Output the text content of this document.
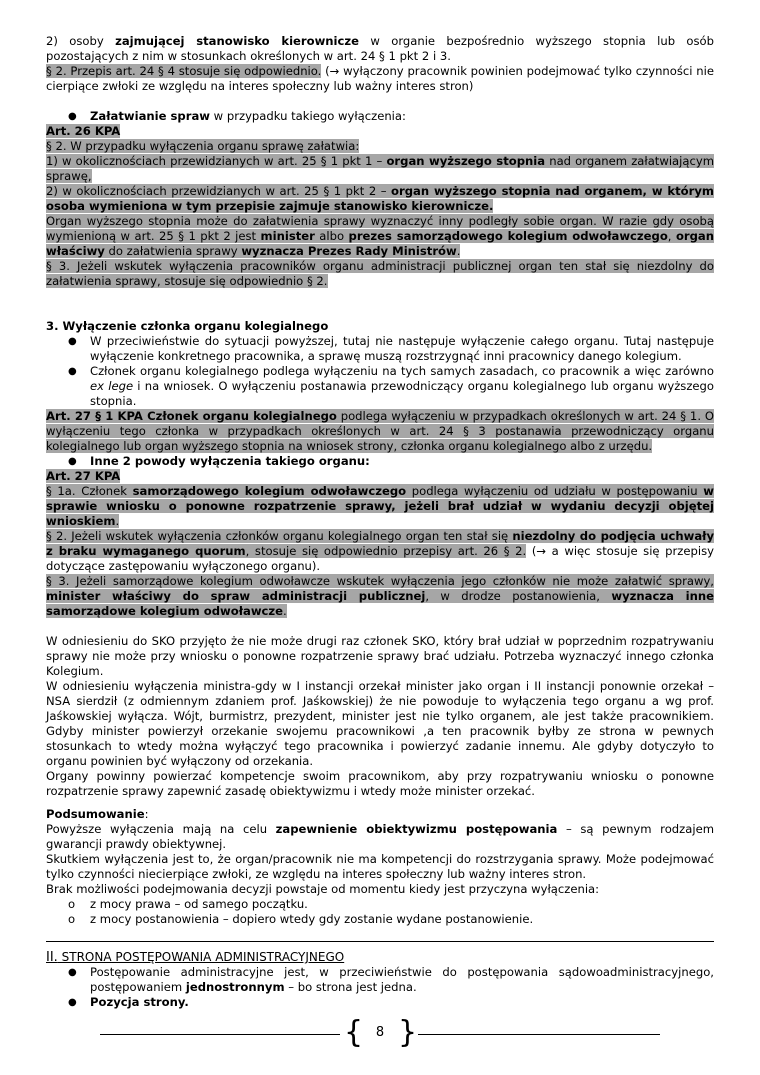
2) osoby zajmującej stanowisko kierownicze w organie bezpośrednio wyższego stopnia lub osób pozostających z nim w stosunkach określonych w art. 24 § 1 pkt 2 i 3.

§ 2. Przepis art. 24 § 4 stosuje się odpowiednio. (→ wyłączony pracownik powinien podejmować tylko czynności nie cierpiące zwłoki ze względu na interes społeczny lub ważny interes stron)

● Załatwianie spraw w przypadku takiego wyłączenia:

Art. 26 KPA

§ 2. W przypadku wyłączenia organu sprawę załatwia:

1) w okolicznościach przewidzianych w art. 25 § 1 pkt 1 – organ wyższego stopnia nad organem załatwiającym sprawę,

2) w okolicznościach przewidzianych w art. 25 § 1 pkt 2 – organ wyższego stopnia nad organem, w którym osoba wymieniona w tym przepisie zajmuje stanowisko kierownicze.

Organ wyższego stopnia może do załatwienia sprawy wyznaczyć inny podległy sobie organ. W razie gdy osobą wymienioną w art. 25 § 1 pkt 2 jest minister albo prezes samorządowego kolegium odwoławczego, organ właściwy do załatwienia sprawy wyznacza Prezes Rady Ministrów.

§ 3. Jeżeli wskutek wyłączenia pracowników organu administracji publicznej organ ten stał się niezdolny do załatwienia sprawy, stosuje się odpowiednio § 2.

3. Wyłączenie członka organu kolegialnego
● W przeciwieństwie do sytuacji powyższej, tutaj nie następuje wyłączenie całego organu. Tutaj następuje wyłączenie konkretnego pracownika, a sprawę muszą rozstrzygnąć inni pracownicy danego kolegium.
● Członek organu kolegialnego podlega wyłączeniu na tych samych zasadach, co pracownik a więc zarówno ex lege i na wniosek. O wyłączeniu postanawia przewodniczący organu kolegialnego lub organu wyższego stopnia.

Art. 27 § 1 KPA Członek organu kolegialnego podlega wyłączeniu w przypadkach określonych w art. 24 § 1. O wyłączeniu tego członka w przypadkach określonych w art. 24 § 3 postanawia przewodniczący organu kolegialnego lub organ wyższego stopnia na wniosek strony, członka organu kolegialnego albo z urzędu.

● Inne 2 powody wyłączenia takiego organu:

Art. 27 KPA

§ 1a. Członek samorządowego kolegium odwoławczego podlega wyłączeniu od udziału w postępowaniu w sprawie wniosku o ponowne rozpatrzenie sprawy, jeżeli brał udział w wydaniu decyzji objętej wnioskiem.

§ 2. Jeżeli wskutek wyłączenia członków organu kolegialnego organ ten stał się niezdolny do podjęcia uchwały z braku wymaganego quorum, stosuje się odpowiednio przepisy art. 26 § 2. (→ a więc stosuje się przepisy dotyczące zastępowaniu wyłączonego organu).

§ 3. Jeżeli samorządowe kolegium odwoławcze wskutek wyłączenia jego członków nie może załatwić sprawy, minister właściwy do spraw administracji publicznej, w drodze postanowienia, wyznacza inne samorządowe kolegium odwoławcze.

W odniesieniu do SKO przyjęto że nie może drugi raz członek SKO, który brał udział w poprzednim rozpatrywaniu sprawy nie może przy wniosku o ponowne rozpatrzenie sprawy brać udziału. Potrzeba wyznaczyć innego członka Kolegium.

W odniesieniu wyłączenia ministra-gdy w I instancji orzekał minister jako organ i II instancji ponownie orzekał – NSA sierdził (z odmiennym zdaniem prof. Jaśkowskiej) że nie powoduje to wyłączenia tego organu a wg prof. Jaśkowskiej wyłącza. Wójt, burmistrz, prezydent, minister jest nie tylko organem, ale jest także pracownikiem. Gdyby minister powierzył orzekanie swojemu pracownikowi ,a ten pracownik byłby ze strona w pewnych stosunkach to wtedy można wyłączyć tego pracownika i powierzyć zadanie innemu. Ale gdyby dotyczyło to organu powinien być wyłączony od orzekania.

Organy powinny powierzać kompetencje swoim pracownikom, aby przy rozpatrywaniu wniosku o ponowne rozpatrzenie sprawy zapewnić zasadę obiektywizmu i wtedy może minister orzekać.

Podsumowanie:

Powyższe wyłączenia mają na celu zapewnienie obiektywizmu postępowania – są pewnym rodzajem gwarancji prawdy obiektywnej.

Skutkiem wyłączenia jest to, że organ/pracownik nie ma kompetencji do rozstrzygania sprawy. Może podejmować tylko czynności niecierpiące zwłoki, ze względu na interes społeczny lub ważny interes stron.

Brak możliwości podejmowania decyzji powstaje od momentu kiedy jest przyczyna wyłączenia:

o z mocy prawa – od samego początku.
o z mocy postanowienia – dopiero wtedy gdy zostanie wydane postanowienie.

II. STRONA POSTĘPOWANIA ADMINISTRACYJNEGO

● Postępowanie administracyjne jest, w przeciwieństwie do postępowania sądowoadministracyjnego, postępowaniem jednostronnym – bo strona jest jedna.
● Pozycja strony.
{ 8 }
